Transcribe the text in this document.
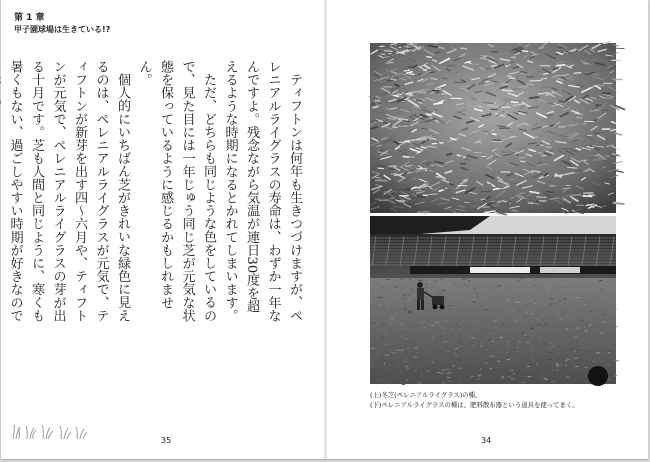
第 1 章
甲子園球場は生きている!?

ティフトンは何年も生きつづけますが、ペレニアルライグラスの寿命は、わずか一年なんですよ。残念ながら気温が連日30度を超えるような時期になるとかれてしまいます。

ただ、どちらも同じような色をしているので、見た目には一年じゅう同じ芝が元気な状態を保っているように感じるかもしれません。

個人的にいちばん芝がきれいな緑色に見えるのは、ペレニアルライグラスが元気で、ティフトンが新芽を出す四～六月や、ティフトンが元気で、ペレニアルライグラスの芽が出る十月です。芝も人間と同じように、寒くも暑くもない、過ごしやすい時期が好きなので

35
(上)冬芝(ペレニアルライグラス)の種。
(下)ペレニアルライグラスの種は、肥料散布器という道具を使ってまく。
34
